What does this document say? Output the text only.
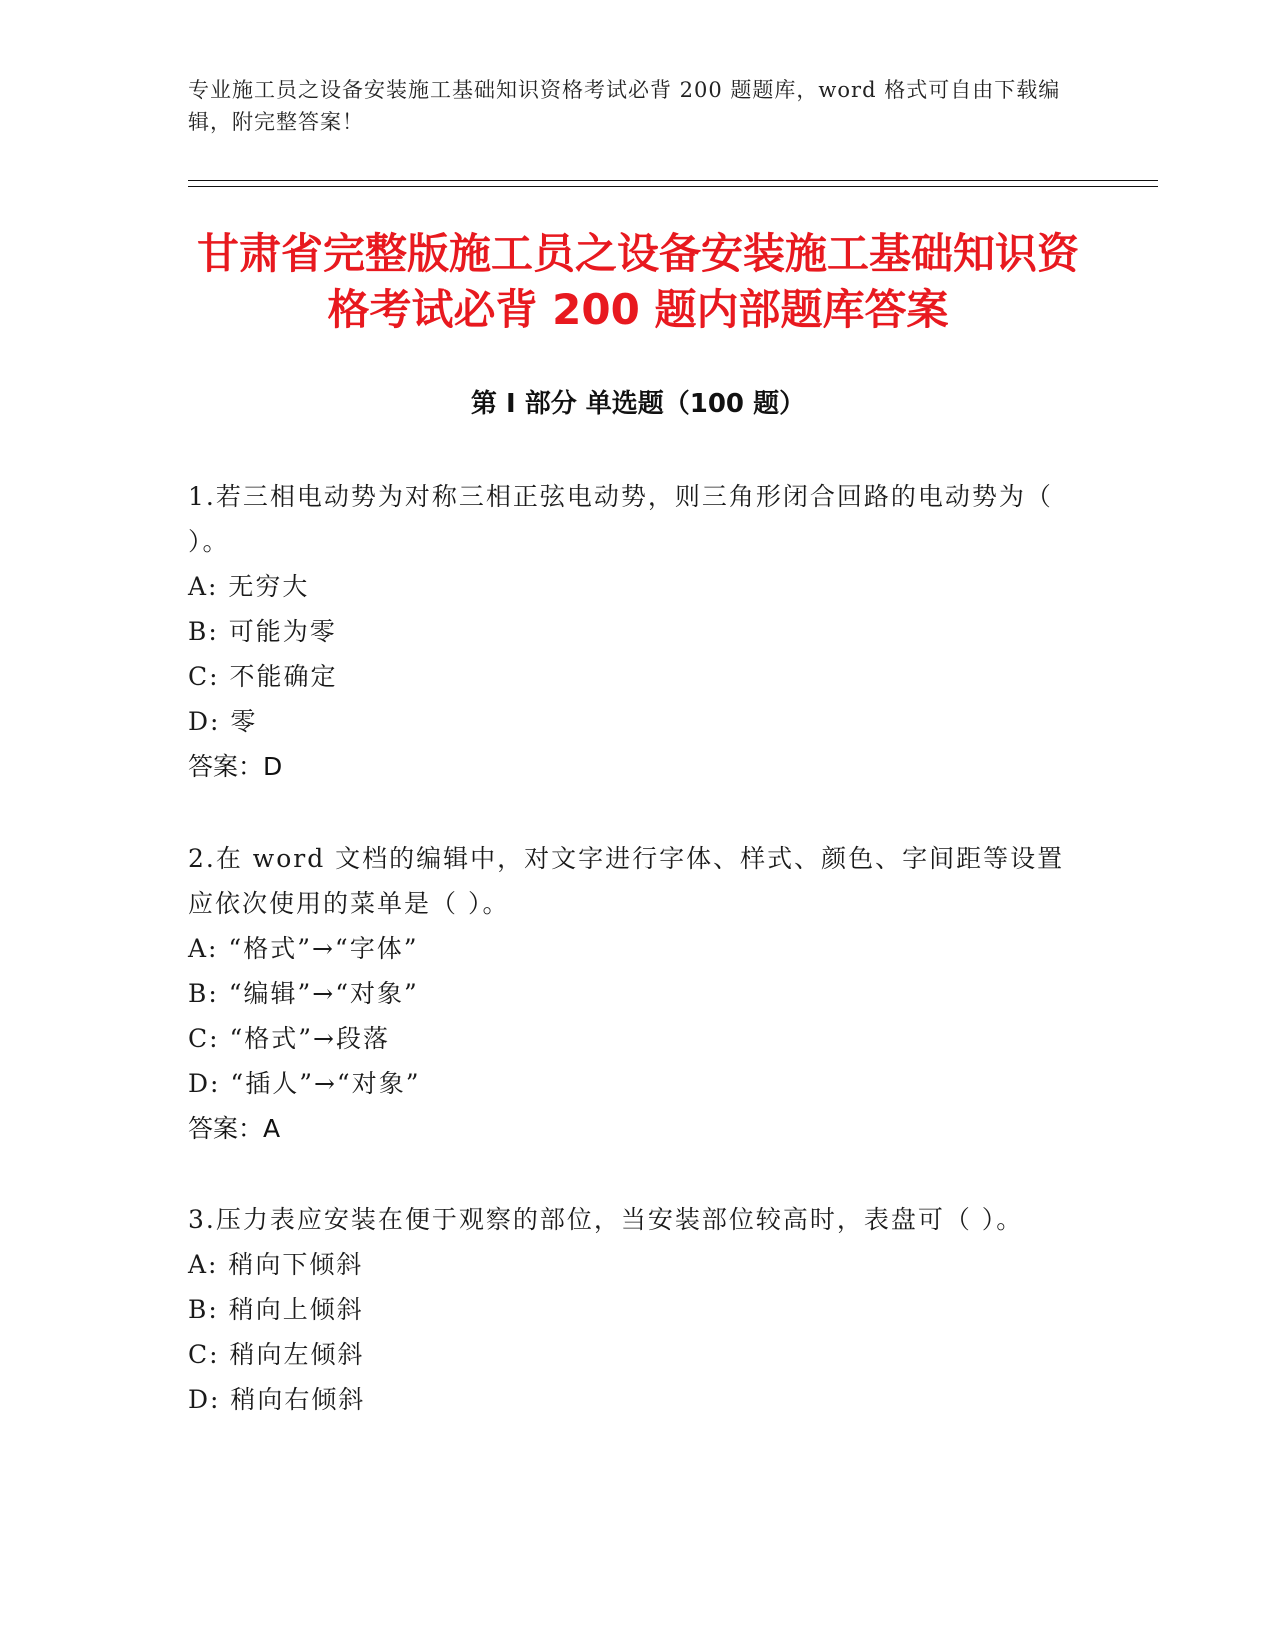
专业施工员之设备安装施工基础知识资格考试必背 200 题题库，word 格式可自由下载编辑，附完整答案！
甘肃省完整版施工员之设备安装施工基础知识资格考试必背 200 题内部题库答案
第 I 部分 单选题（100 题）
1.若三相电动势为对称三相正弦电动势，则三角形闭合回路的电动势为（ ）。
A: 无穷大
B: 可能为零
C: 不能确定
D: 零
答案：D
2.在 word 文档的编辑中，对文字进行字体、样式、颜色、字间距等设置应依次使用的菜单是（ ）。
A: “格式”→“字体”
B: “编辑”→“对象”
C: “格式”→段落
D: “插人”→“对象”
答案：A
3.压力表应安装在便于观察的部位，当安装部位较高时，表盘可（ ）。
A: 稍向下倾斜
B: 稍向上倾斜
C: 稍向左倾斜
D: 稍向右倾斜
